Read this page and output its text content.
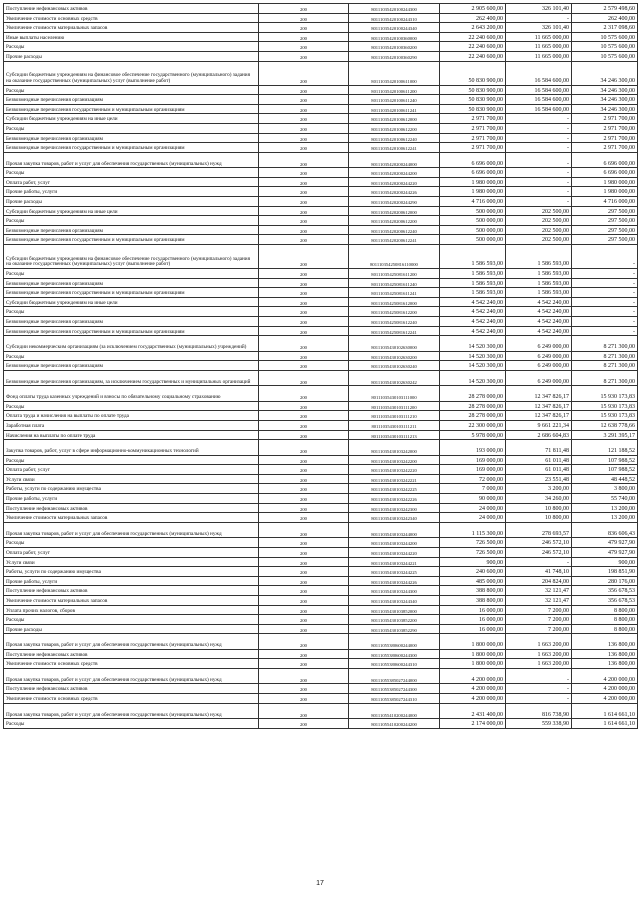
Поступление нефинансовых активов	200	80111035420100244300	2 905 600,00	326 101,40	2 579 498,60
Увеличение стоимости основных средств	200	80111035420100244310	262 400,00	-	262 400,00
Увеличение стоимости материальных запасов	200	80111035420100244340	2 643 200,00	326 101,40	2 317 098,60
Иные выплаты населению	200	80111035420100360000	22 240 600,00	11 665 000,00	10 575 600,00
Расходы	200	80111035420100360200	22 240 600,00	11 665 000,00	10 575 600,00
Прочие расходы	200	80111035420100360290	22 240 600,00	11 665 000,00	10 575 600,00
Субсидии бюджетным учреждениям на финансовое обеспечение государственного (муниципального) задания на оказание государственных (муниципальных) услуг (выполнение работ)	200	80111035420100611000	50 830 900,00	16 584 600,00	34 246 300,00
Расходы	200	80111035420100611200	50 830 900,00	16 584 600,00	34 246 300,00
Безвозмездные перечисления организациям	200	80111035420100611240	50 830 900,00	16 584 600,00	34 246 300,00
Безвозмездные перечисления государственным и муниципальным организациям	200	80111035420100611241	50 830 900,00	16 584 600,00	34 246 300,00
Субсидии бюджетным учреждениям на иные цели	200	80111035420100612000	2 971 700,00	-	2 971 700,00
Расходы	200	80111035420100612200	2 971 700,00	-	2 971 700,00
Безвозмездные перечисления организациям	200	80111035420100612240	2 971 700,00	-	2 971 700,00
Безвозмездные перечисления государственным и муниципальным организациям	200	80111035420100612241	2 971 700,00	-	2 971 700,00
Прочая закупка товаров, работ и услуг для обеспечения государственных (муниципальных) нужд	200	80111035420200244000	6 696 000,00	-	6 696 000,00
Расходы	200	80111035420200244200	6 696 000,00	-	6 696 000,00
Оплата работ, услуг	200	80111035420200244220	1 980 000,00	-	1 980 000,00
Прочие работы, услуги	200	80111035420200244226	1 980 000,00	-	1 980 000,00
Прочие расходы	200	80111035420200244290	4 716 000,00	-	4 716 000,00
Субсидии бюджетным учреждениям на иные цели	200	80111035420200612000	500 000,00	202 500,00	297 500,00
Расходы	200	80111035420200612200	500 000,00	202 500,00	297 500,00
Безвозмездные перечисления организациям	200	80111035420200612240	500 000,00	202 500,00	297 500,00
Безвозмездные перечисления государственным и муниципальным организациям	200	80111035420200612241	500 000,00	202 500,00	297 500,00
Субсидии бюджетным учреждениям на финансовое обеспечение государственного (муниципального) задания на оказание государственных (муниципальных) услуг (выполнение работ)	200	801110354250816110000	1 586 593,00	1 586 593,00	-
Расходы	200	80111035425081611200	1 586 593,00	1 586 593,00	-
Безвозмездные перечисления организациям	200	80111035425081611240	1 586 593,00	1 586 593,00	-
Безвозмездные перечисления государственным и муниципальным организациям	200	80111035425081611241	1 586 593,00	1 586 593,00	-
Субсидии бюджетным учреждениям на иные цели	200	80111035425081612000	4 542 240,00	4 542 240,00	-
Расходы	200	80111035425081612200	4 542 240,00	4 542 240,00	-
Безвозмездные перечисления организациям	200	80111035425081612240	4 542 240,00	4 542 240,00	-
Безвозмездные перечисления государственным и муниципальным организациям	200	80111035425081612241	4 542 240,00	4 542 240,00	-
Субсидии некоммерческим организациям (за исключением государственных (муниципальных) учреждений)	200	80111035430102630000	14 520 300,00	6 249 000,00	8 271 300,00
Расходы	200	80111035430102630200	14 520 300,00	6 249 000,00	8 271 300,00
Безвозмездные перечисления организациям	200	80111035430102630240	14 520 300,00	6 249 000,00	8 271 300,00
Безвозмездные перечисления организациям, за исключением государственных и муниципальных организаций	200	80111035430102630242	14 520 300,00	6 249 000,00	8 271 300,00
Фонд оплаты труда казенных учреждений и взносы по обязательному социальному страхованию	200	80111035430103111000	28 278 000,00	12 347 826,17	15 930 173,83
Расходы	200	80111035430103111200	28 278 000,00	12 347 826,17	15 930 173,83
Оплата труда и начисления на выплаты по оплате труда	200	80111035430103111210	28 278 000,00	12 347 826,17	15 930 173,83
Заработная плата	200	80111035430103111211	22 300 000,00	9 661 221,34	12 638 778,66
Начисления на выплаты по оплате труда	200	80111035430103111213	5 978 000,00	2 686 604,83	3 291 395,17
Закупка товаров, работ, услуг в сфере информационно-коммуникационных технологий	200	80111035430103242000	193 000,00	71 811,48	121 188,52
Расходы	200	80111035430103242200	169 000,00	61 011,48	107 988,52
Оплата работ, услуг	200	80111035430103242220	169 000,00	61 011,48	107 988,52
Услуги связи	200	80111035430103242221	72 000,00	23 551,48	48 448,52
Работы, услуги по содержанию имущества	200	80111035430103242225	7 000,00	3 200,00	3 800,00
Прочие работы, услуги	200	80111035430103242226	90 000,00	34 260,00	55 740,00
Поступление нефинансовых активов	200	80111035430103242300	24 000,00	10 800,00	13 200,00
Увеличение стоимости материальных запасов	200	80111035430103242340	24 000,00	10 800,00	13 200,00
Прочая закупка товаров, работ и услуг для обеспечения государственных (муниципальных) нужд	200	80111035430103244000	1 115 300,00	278 693,57	836 606,43
Расходы	200	80111035430103244200	726 500,00	246 572,10	479 927,90
Оплата работ, услуг	200	80111035430103244220	726 500,00	246 572,10	479 927,90
Услуги связи	200	80111035430103244221	900,00	-	900,00
Работы, услуги по содержанию имущества	200	80111035430103244225	240 600,00	41 748,10	198 851,90
Прочие работы, услуги	200	80111035430103244226	485 000,00	204 824,00	280 176,00
Поступление нефинансовых активов	200	80111035430103244300	388 800,00	32 121,47	356 678,53
Увеличение стоимости материальных запасов	200	80111035430103244340	388 800,00	32 121,47	356 678,53
Уплата прочих налогов, сборов	200	80111035430103852000	16 000,00	7 200,00	8 800,00
Расходы	200	80111035430103852200	16 000,00	7 200,00	8 800,00
Прочие расходы	200	80111035430103852290	16 000,00	7 200,00	8 800,00
Прочая закупка товаров, работ и услуг для обеспечения государственных (муниципальных) нужд	200	80111055380600244000	1 800 000,00	1 663 200,00	136 800,00
Поступление нефинансовых активов	200	80111055380600244300	1 800 000,00	1 663 200,00	136 800,00
Увеличение стоимости основных средств	200	80111055380600244310	1 800 000,00	1 663 200,00	136 800,00
Прочая закупка товаров, работ и услуг для обеспечения государственных (муниципальных) нужд	200	80111055385027244000	4 200 000,00	-	4 200 000,00
Поступление нефинансовых активов	200	80111055385027244300	4 200 000,00	-	4 200 000,00
Увеличение стоимости основных средств	200	80111055385027244310	4 200 000,00	-	4 200 000,00
Прочая закупка товаров, работ и услуг для обеспечения государственных (муниципальных) нужд	200	80111055410200244000	2 431 400,00	816 738,90	1 614 661,10
Расходы	200	80111055410200244200	2 174 000,00	559 338,90	1 614 661,10
17
